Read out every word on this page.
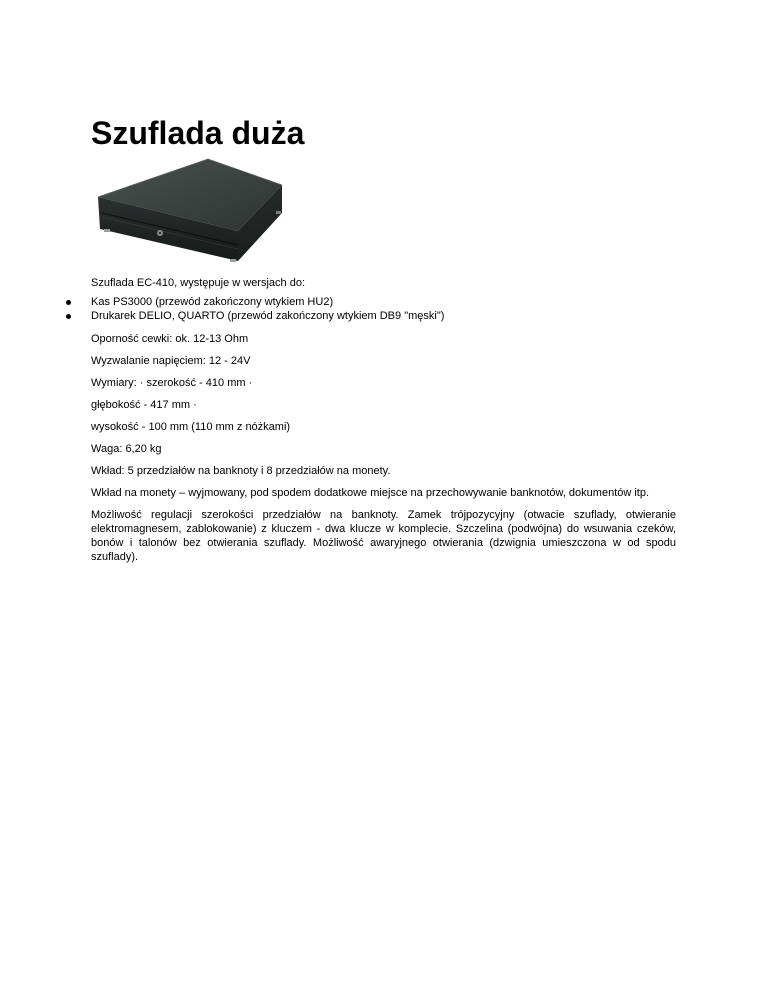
Szuflada duża

Szuflada EC-410, występuje w wersjach do:

Kas PS3000 (przewód zakończony wtykiem HU2)
Drukarek DELIO, QUARTO (przewód zakończony wtykiem DB9 "męski")

Oporność cewki: ok. 12-13 Ohm

Wyzwalanie napięciem: 12 - 24V

Wymiary: · szerokość - 410 mm ·

głębokość - 417 mm ·

wysokość - 100 mm (110 mm z nóżkami)

Waga: 6,20 kg

Wkład: 5 przedziałów na banknoty i 8 przedziałów na monety.

Wkład na monety – wyjmowany, pod spodem dodatkowe miejsce na przechowywanie banknotów, dokumentów itp.

Możliwość regulacji szerokości przedziałów na banknoty. Zamek trójpozycyjny (otwacie szuflady, otwieranie elektromagnesem, zablokowanie) z kluczem - dwa klucze w komplecie. Szczelina (podwójna) do wsuwania czeków, bonów i talonów bez otwierania szuflady. Możliwość awaryjnego otwierania (dzwignia umieszczona w od spodu szuflady).
